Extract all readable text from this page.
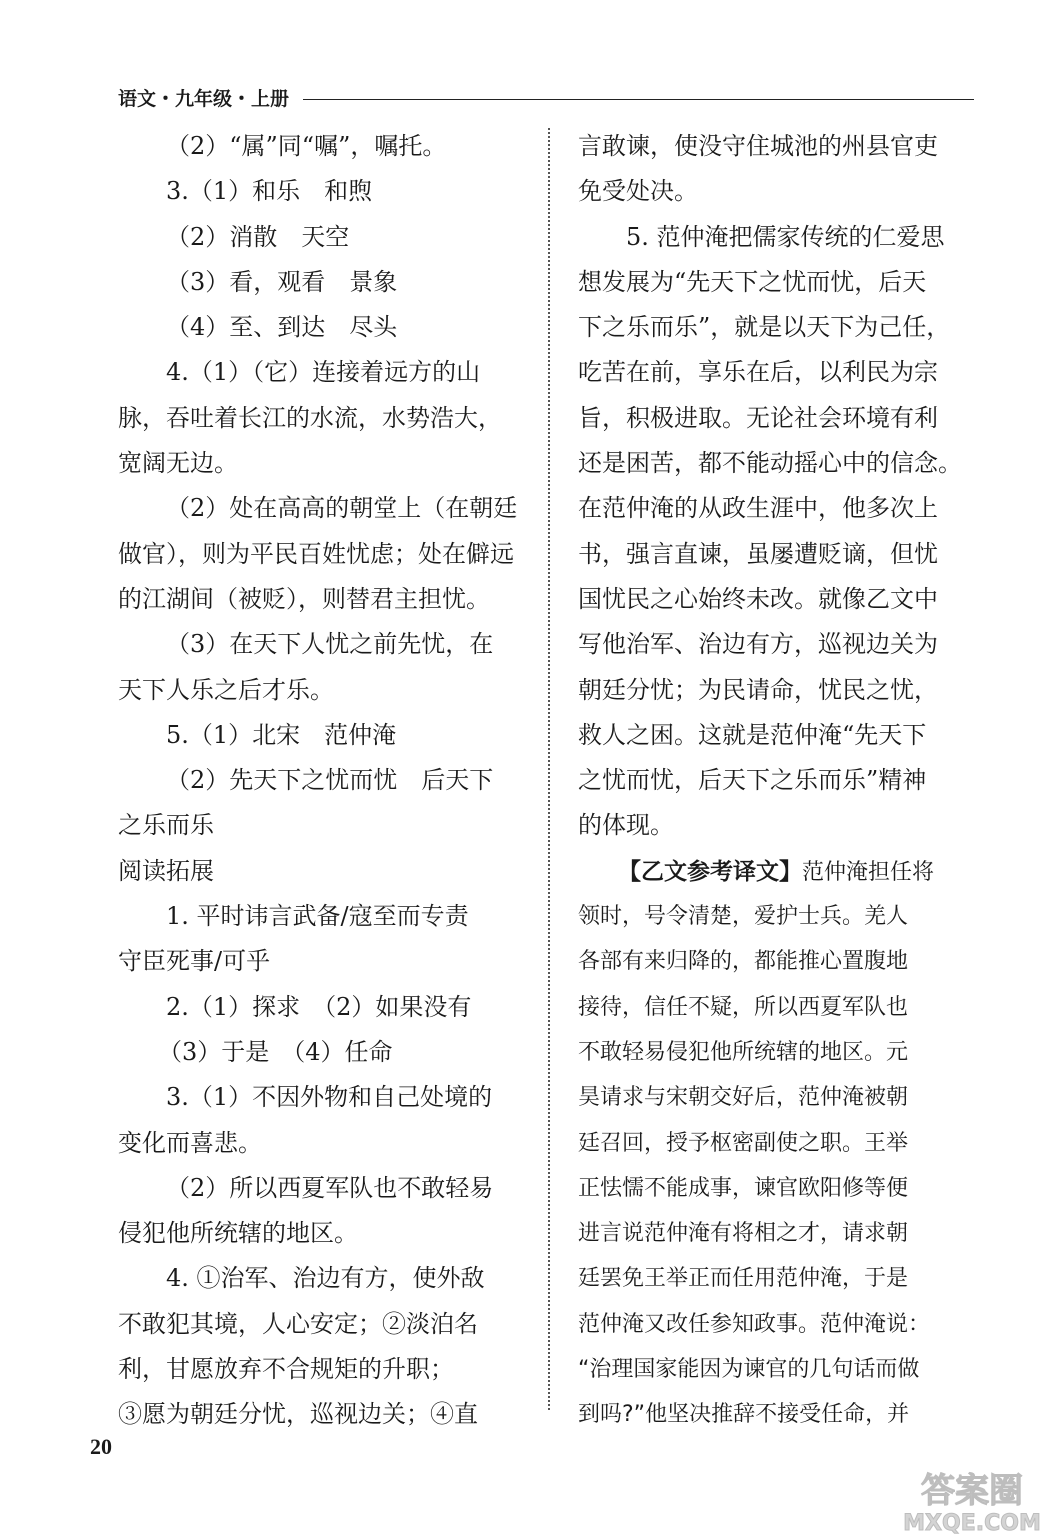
语文・九年级・上册
（2）“属”同“嘱”，嘱托。
3.（1）和乐　和煦
（2）消散　天空
（3）看，观看　景象
（4）至、到达　尽头
4.（1）（它）连接着远方的山
脉，吞吐着长江的水流，水势浩大，
宽阔无边。
（2）处在高高的朝堂上（在朝廷
做官），则为平民百姓忧虑；处在僻远
的江湖间（被贬），则替君主担忧。
（3）在天下人忧之前先忧，在
天下人乐之后才乐。
5.（1）北宋　范仲淹
（2）先天下之忧而忧　后天下
之乐而乐
阅读拓展
1. 平时讳言武备/寇至而专责
守臣死事/可乎
2.（1）探求　（2）如果没有
（3）于是　（4）任命
3.（1）不因外物和自己处境的
变化而喜悲。
（2）所以西夏军队也不敢轻易
侵犯他所统辖的地区。
4. ①治军、治边有方，使外敌
不敢犯其境，人心安定；②淡泊名
利，甘愿放弃不合规矩的升职；
③愿为朝廷分忧，巡视边关；④直
言敢谏，使没守住城池的州县官吏
免受处决。
5. 范仲淹把儒家传统的仁爱思
想发展为“先天下之忧而忧，后天
下之乐而乐”，就是以天下为己任，
吃苦在前，享乐在后，以利民为宗
旨，积极进取。无论社会环境有利
还是困苦，都不能动摇心中的信念。
在范仲淹的从政生涯中，他多次上
书，强言直谏，虽屡遭贬谪，但忧
国忧民之心始终未改。就像乙文中
写他治军、治边有方，巡视边关为
朝廷分忧；为民请命，忧民之忧，
救人之困。这就是范仲淹“先天下
之忧而忧，后天下之乐而乐”精神
的体现。
【乙文参考译文】范仲淹担任将
领时，号令清楚，爱护士兵。羌人
各部有来归降的，都能推心置腹地
接待，信任不疑，所以西夏军队也
不敢轻易侵犯他所统辖的地区。元
昊请求与宋朝交好后，范仲淹被朝
廷召回，授予枢密副使之职。王举
正怯懦不能成事，谏官欧阳修等便
进言说范仲淹有将相之才，请求朝
廷罢免王举正而任用范仲淹，于是
范仲淹又改任参知政事。范仲淹说：
“治理国家能因为谏官的几句话而做
到吗?”他坚决推辞不接受任命，并
20
答案圈
MXQE.COM
